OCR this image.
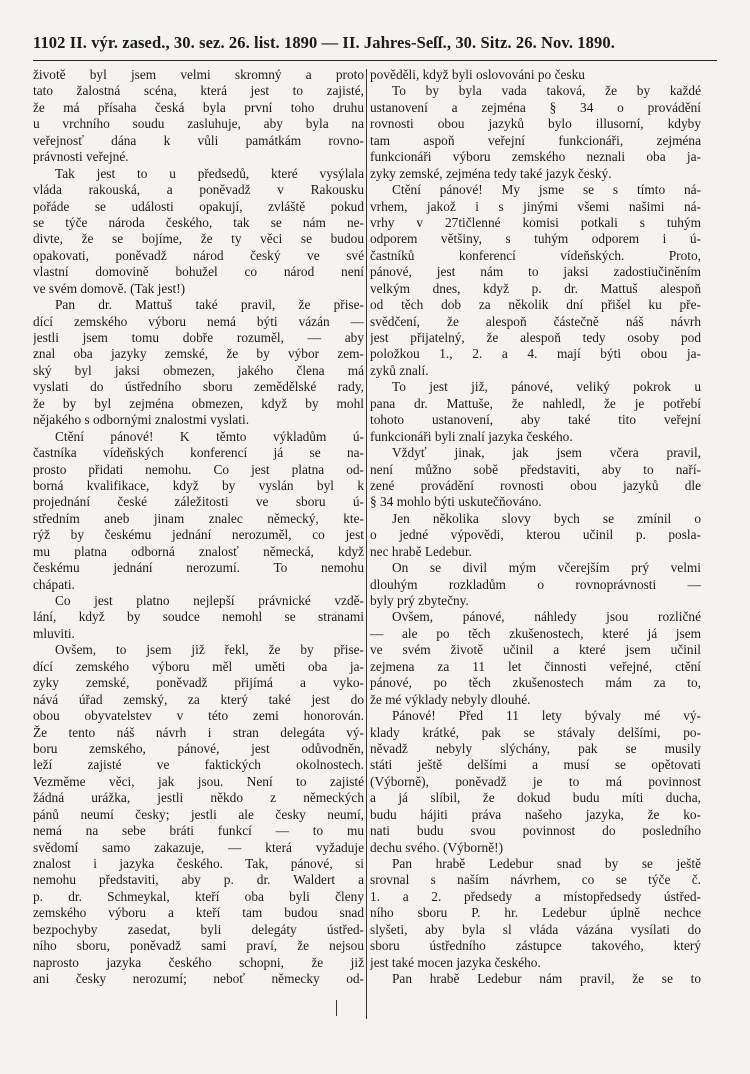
1102 II. výr. zased., 30. sez. 26. list. 1890 — II. Jahres-Seſſ., 30. Sitz. 26. Nov. 1890.
životě byl jsem velmi skromný a proto
tato žalostná scéna, která jest to zajisté,
že má přísaha česká byla první toho druhu
u vrchního soudu zasluhuje, aby byla na
veřejnosť dána k vůli památkám rovno-
právnosti veřejné.
Tak jest to u předsedů, které vysýlala
vláda rakouská, a poněvadž v Rakousku
pořáde se události opakují, zvláště pokud
se týče národa českého, tak se nám ne-
divte, že se bojíme, že ty věci se budou
opakovati, poněvadž národ český ve své
vlastní domovině bohužel co národ není
ve svém domově. (Tak jest!)
Pan dr. Mattuš také pravil, že přise-
dící zemského výboru nemá býti vázán —
jestli jsem tomu dobře rozuměl, — aby
znal oba jazyky zemské, že by výbor zem-
ský byl jaksi obmezen, jakého člena má
vyslati do ústředního sboru zemědělské rady,
že by byl zejména obmezen, když by mohl
nějakého s odbornými znalostmi vyslati.
Ctění pánové! K těmto výkladům ú-
častníka vídeňských konferencí já se na-
prosto přidati nemohu. Co jest platna od-
borná kvalifikace, když by vyslán byl k
projednání české záležitosti ve sboru ú-
středním aneb jinam znalec německý, kte-
rýž by českému jednání nerozuměl, co jest
mu platna odborná znalosť německá, když
českému jednání nerozumí. To nemohu
chápati.
Co jest platno nejlepší právnické vzdě-
lání, když by soudce nemohl se stranami
mluviti.
Ovšem, to jsem již řekl, že by přise-
dící zemského výboru měl uměti oba ja-
zyky zemské, poněvadž přijímá a vyko-
nává úřad zemský, za který také jest do
obou obyvatelstev v této zemi honorován.
Že tento náš návrh i stran delegáta vý-
boru zemského, pánové, jest odůvodněn,
leží zajisté ve faktických okolnostech.
Vezměme věci, jak jsou. Není to zajisté
žádná urážka, jestli někdo z německých
pánů neumí česky; jestli ale česky neumí,
nemá na sebe bráti funkcí — to mu
svědomí samo zakazuje, — která vyžaduje
znalost i jazyka českého. Tak, pánové, si
nemohu představiti, aby p. dr. Waldert a
p. dr. Schmeykal, kteří oba byli členy
zemského výboru a kteří tam budou snad
bezpochyby zasedat, byli delegáty ústřed-
ního sboru, poněvadž sami praví, že nejsou
naprosto jazyka českého schopni, že již
ani česky nerozumí; neboť německy od-
pověděli, když byli oslovováni po česku
To by byla vada taková, že by každé
ustanovení a zejména § 34 o provádění
rovnosti obou jazyků bylo illusorní, kdyby
tam aspoň veřejní funkcionáři, zejména
funkcionáři výboru zemského neznali oba ja-
zyky zemské, zejména tedy také jazyk český.
Ctění pánové! My jsme se s tímto ná-
vrhem, jakož i s jinými všemi našimi ná-
vrhy v 27tičlenné komisi potkali s tuhým
odporem většiny, s tuhým odporem i ú-
častníků konferencí vídeňských. Proto,
pánové, jest nám to jaksi zadostiučiněním
velkým dnes, když p. dr. Mattuš alespoň
od těch dob za několik dní přišel ku pře-
svědčení, že alespoň částečně náš návrh
jest přijatelný, že alespoň tedy osoby pod
položkou 1., 2. a 4. mají býti obou ja-
zyků znalí.
To jest již, pánové, veliký pokrok u
pana dr. Mattuše, že nahledl, že je potřebí
tohoto ustanovení, aby také tito veřejní
funkcionáři byli znalí jazyka českého.
Vždyť jinak, jak jsem včera pravil,
není můžno sobě představiti, aby to naří-
zené provádění rovnosti obou jazyků dle
§ 34 mohlo býti uskutečňováno.
Jen několika slovy bych se zmínil o
o jedné výpovědi, kterou učinil p. posla-
nec hrabě Ledebur.
On se divil mým včerejším prý velmi
dlouhým rozkladům o rovnoprávnosti —
byly prý zbytečny.
Ovšem, pánové, náhledy jsou rozličné
— ale po těch zkušenostech, které já jsem
ve svém životě učinil a které jsem učinil
zejmena za 11 let činnosti veřejné, ctění
pánové, po těch zkušenostech mám za to,
že mé výklady nebyly dlouhé.
Pánové! Před 11 lety bývaly mé vý-
klady krátké, pak se stávaly delšími, po-
něvadž nebyly slýchány, pak se musily
státi ještě delšími a musí se opětovati
(Výborně), poněvadž je to má povinnost
a já slíbil, že dokud budu míti ducha,
budu hájiti práva našeho jazyka, že ko-
nati budu svou povinnost do posledního
dechu svého. (Výborně!)
Pan hrabě Ledebur snad by se ještě
srovnal s naším návrhem, co se týče č.
1. a 2. předsedy a místopředsedy ústřed-
ního sboru P. hr. Ledebur úplně nechce
slyšeti, aby byla sl vláda vázána vysílati do
sboru ústředního zástupce takového, který
jest také mocen jazyka českého.
Pan hrabě Ledebur nám pravil, že se to
